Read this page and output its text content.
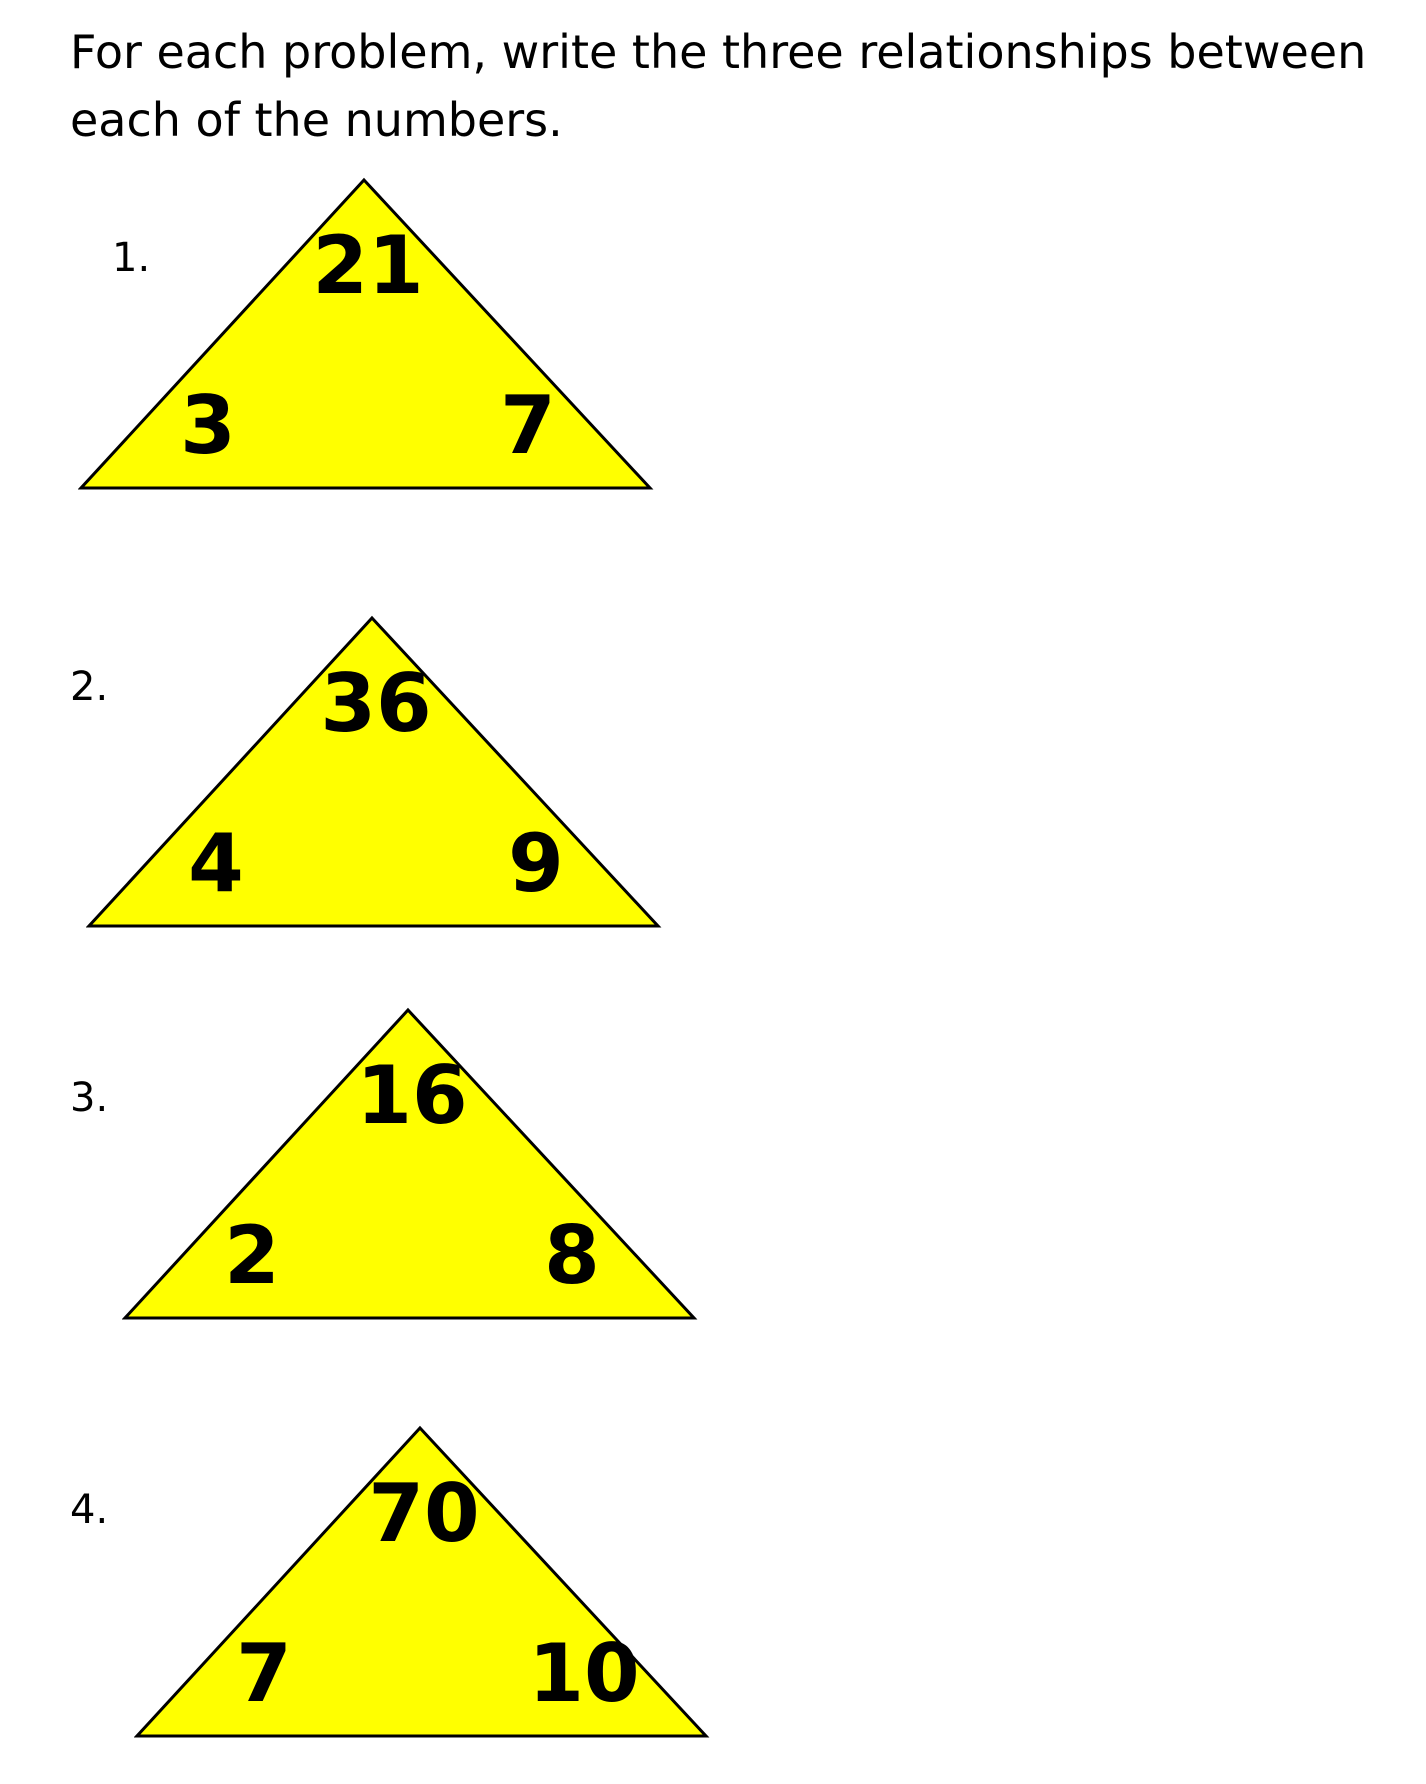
For each problem, write the three relationships between each of the numbers.

1. 21
3	7
2.	36
4	9
3.	16
2	8
4.	70
7	10
